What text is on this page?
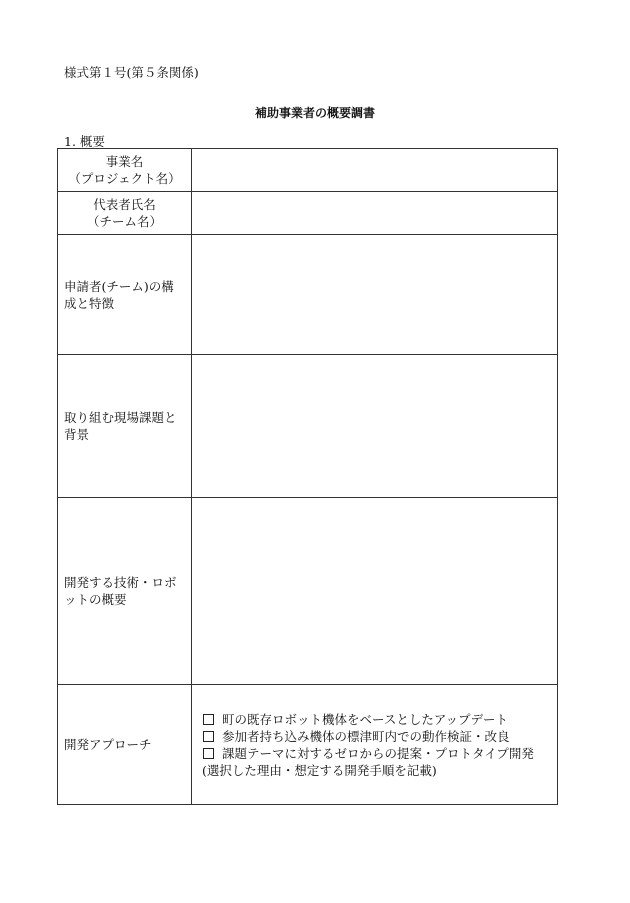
様式第１号(第５条関係)
補助事業者の概要調書
1. 概要
事業名
（プロジェクト名）	

代表者氏名
（チーム名）	

申請者(チーム)の構
成と特徴	

取り組む現場課題と
背景	

開発する技術・ロボ
ットの概要	

開発アプローチ	町の既存ロボット機体をベースとしたアップデート
参加者持ち込み機体の標津町内での動作検証・改良
課題テーマに対するゼロからの提案・プロトタイプ開発
(選択した理由・想定する開発手順を記載)
